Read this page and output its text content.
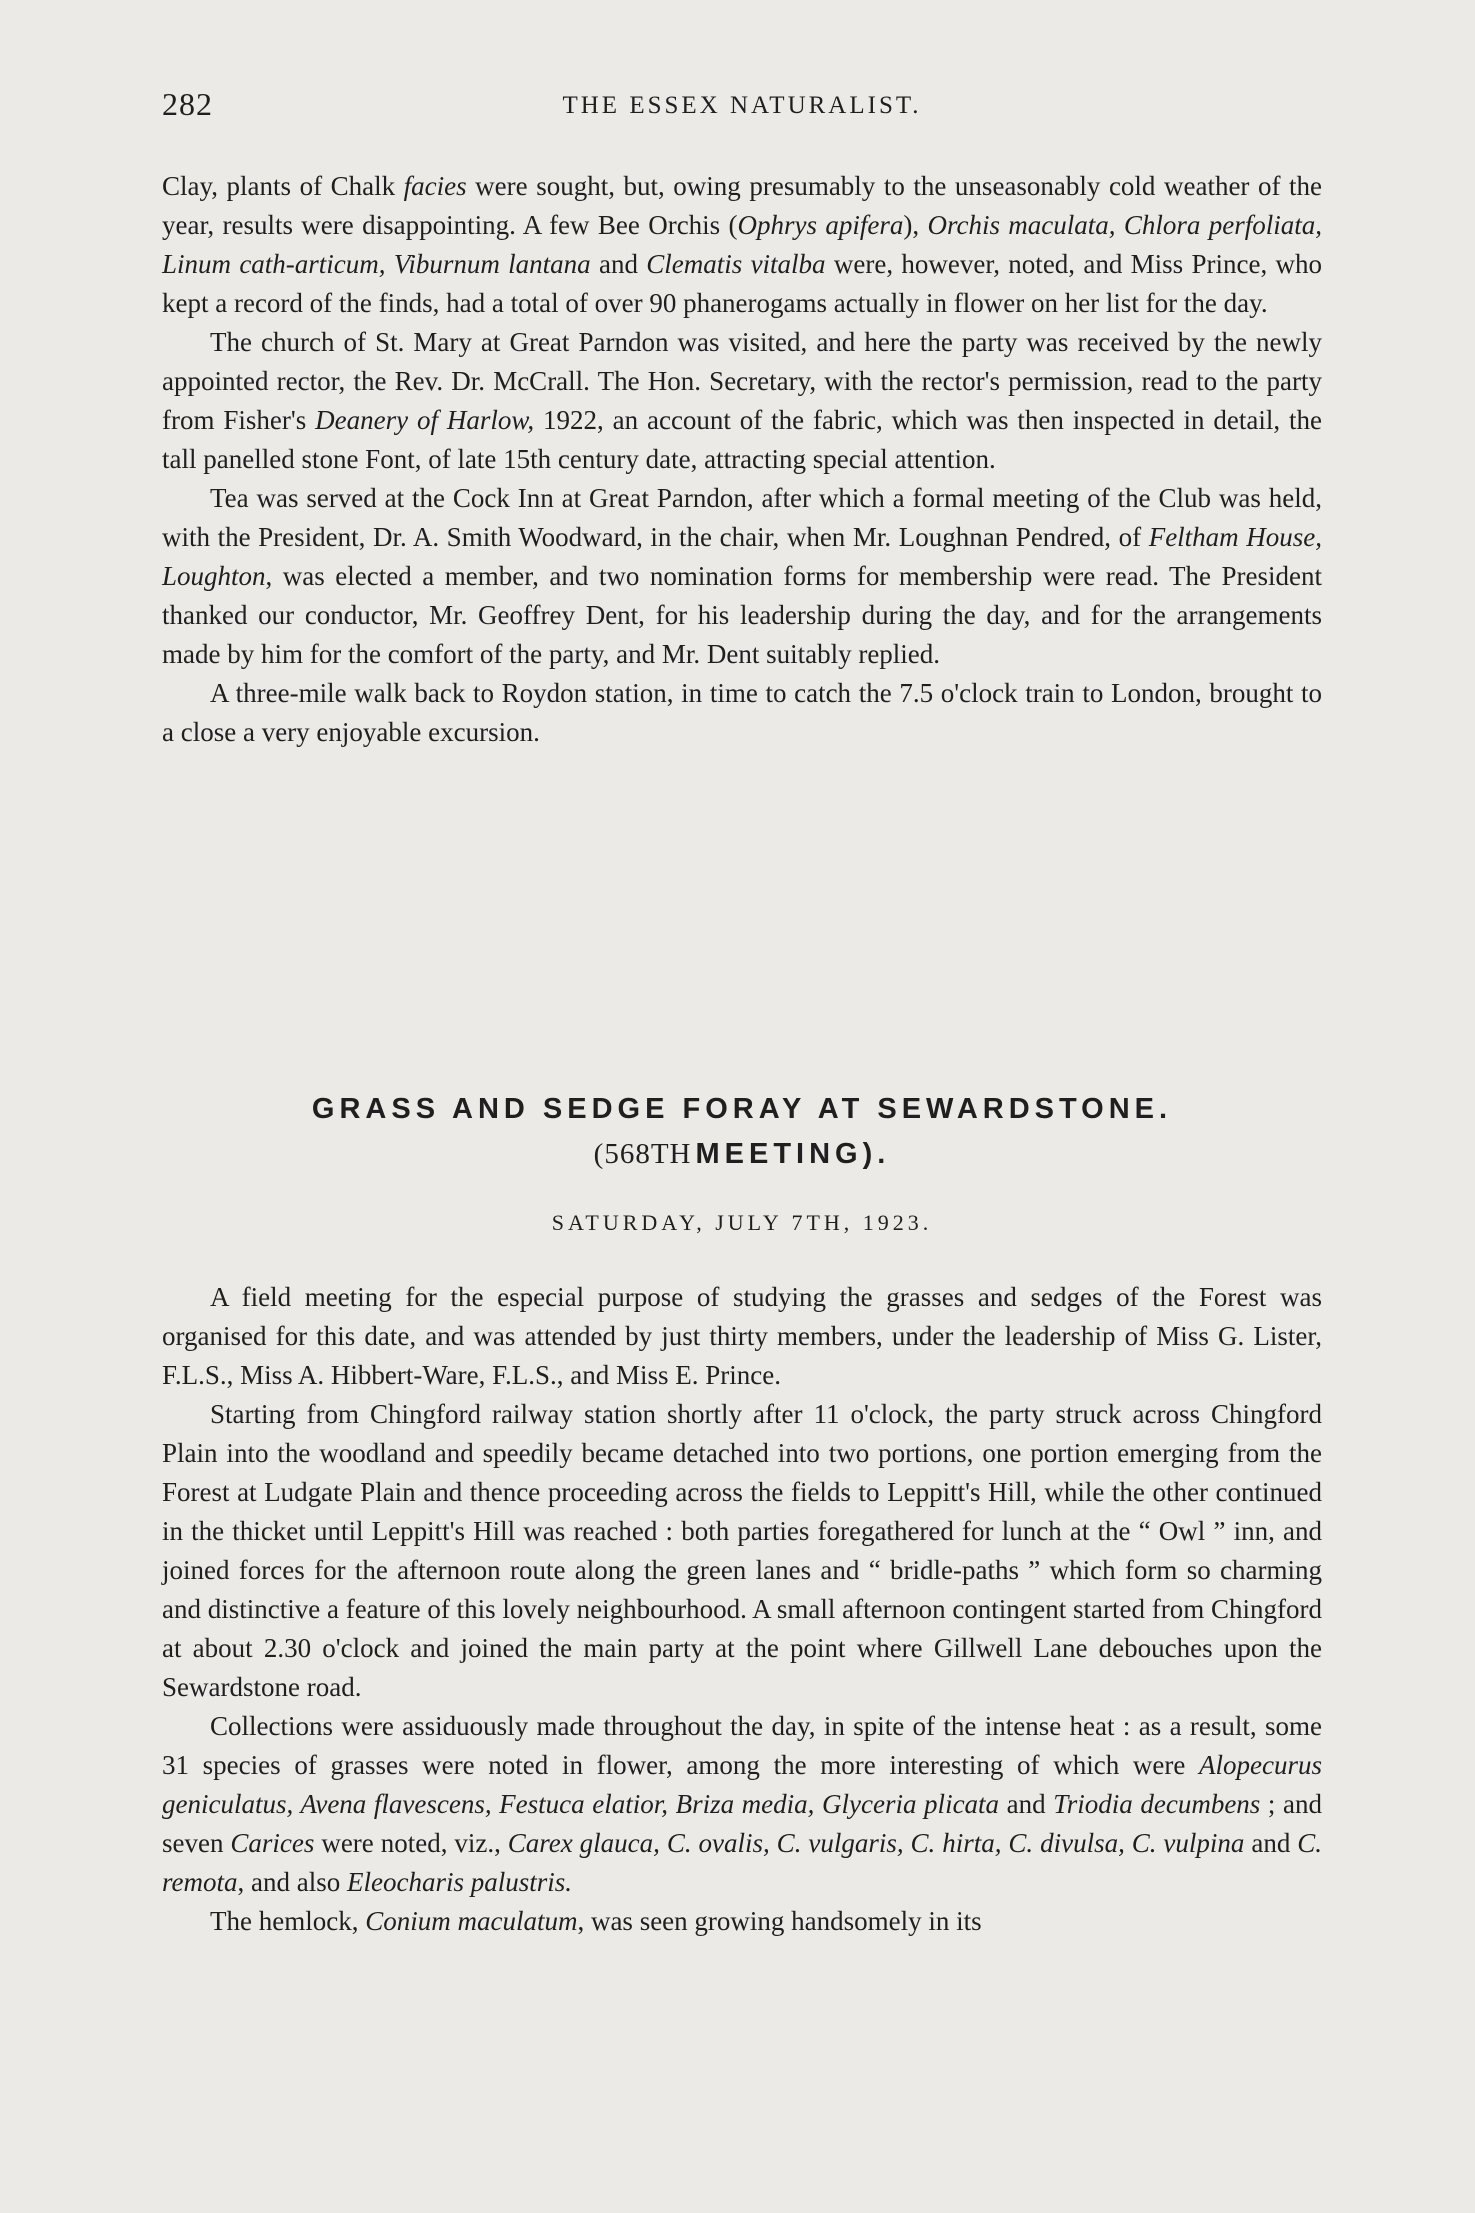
282	THE ESSEX NATURALIST.

Clay, plants of Chalk facies were sought, but, owing presumably to the unseasonably cold weather of the year, results were disappointing. A few Bee Orchis (Ophrys apifera), Orchis maculata, Chlora perfoliata, Linum cath-articum, Viburnum lantana and Clematis vitalba were, however, noted, and Miss Prince, who kept a record of the finds, had a total of over 90 phanerogams actually in flower on her list for the day.

The church of St. Mary at Great Parndon was visited, and here the party was received by the newly appointed rector, the Rev. Dr. McCrall. The Hon. Secretary, with the rector's permission, read to the party from Fisher's Deanery of Harlow, 1922, an account of the fabric, which was then inspected in detail, the tall panelled stone Font, of late 15th century date, attracting special attention.

Tea was served at the Cock Inn at Great Parndon, after which a formal meeting of the Club was held, with the President, Dr. A. Smith Woodward, in the chair, when Mr. Loughnan Pendred, of Feltham House, Loughton, was elected a member, and two nomination forms for membership were read. The President thanked our conductor, Mr. Geoffrey Dent, for his leadership during the day, and for the arrangements made by him for the comfort of the party, and Mr. Dent suitably replied.

A three-mile walk back to Roydon station, in time to catch the 7.5 o'clock train to London, brought to a close a very enjoyable excursion.

GRASS AND SEDGE FORAY AT SEWARDSTONE.
(568TH MEETING).
SATURDAY, JULY 7TH, 1923.

A field meeting for the especial purpose of studying the grasses and sedges of the Forest was organised for this date, and was attended by just thirty members, under the leadership of Miss G. Lister, F.L.S., Miss A. Hibbert-Ware, F.L.S., and Miss E. Prince.

Starting from Chingford railway station shortly after 11 o'clock, the party struck across Chingford Plain into the woodland and speedily became detached into two portions, one portion emerging from the Forest at Ludgate Plain and thence proceeding across the fields to Leppitt's Hill, while the other continued in the thicket until Leppitt's Hill was reached : both parties foregathered for lunch at the “ Owl ” inn, and joined forces for the afternoon route along the green lanes and “ bridle-paths ” which form so charming and distinctive a feature of this lovely neighbourhood. A small afternoon contingent started from Chingford at about 2.30 o'clock and joined the main party at the point where Gillwell Lane debouches upon the Sewardstone road.

Collections were assiduously made throughout the day, in spite of the intense heat : as a result, some 31 species of grasses were noted in flower, among the more interesting of which were Alopecurus geniculatus, Avena flavescens, Festuca elatior, Briza media, Glyceria plicata and Triodia decumbens ; and seven Carices were noted, viz., Carex glauca, C. ovalis, C. vulgaris, C. hirta, C. divulsa, C. vulpina and C. remota, and also Eleocharis palustris.

The hemlock, Conium maculatum, was seen growing handsomely in its
